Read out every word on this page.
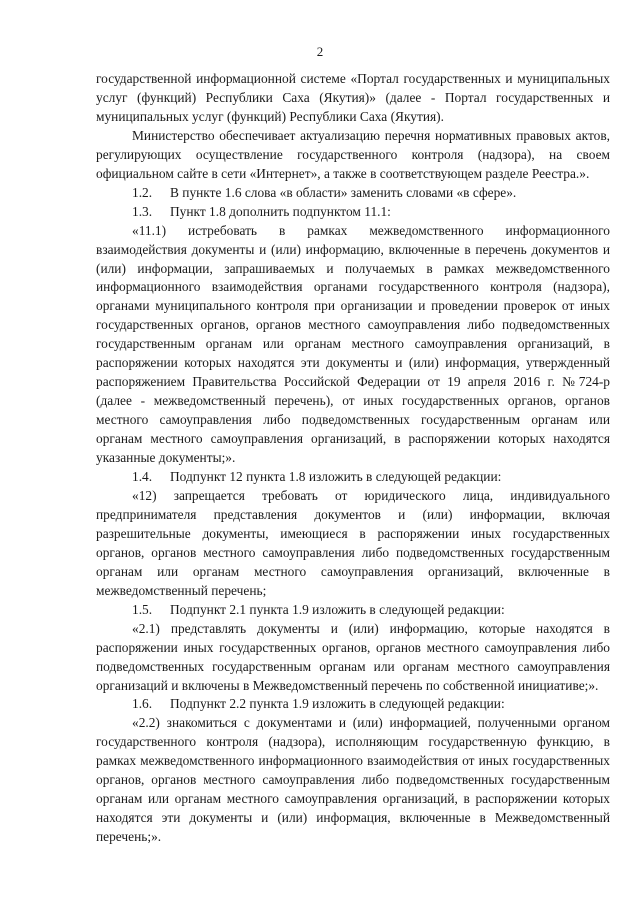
2

государственной информационной системе «Портал государственных и муниципальных услуг (функций) Республики Саха (Якутия)» (далее - Портал государственных и муниципальных услуг (функций) Республики Саха (Якутия).

Министерство обеспечивает актуализацию перечня нормативных правовых актов, регулирующих осуществление государственного контроля (надзора), на своем официальном сайте в сети «Интернет», а также в соответствующем разделе Реестра.».

1.2. В пункте 1.6 слова «в области» заменить словами «в сфере».

1.3. Пункт 1.8 дополнить подпунктом 11.1:

«11.1) истребовать в рамках межведомственного информационного взаимодействия документы и (или) информацию, включенные в перечень документов и (или) информации, запрашиваемых и получаемых в рамках межведомственного информационного взаимодействия органами государственного контроля (надзора), органами муниципального контроля при организации и проведении проверок от иных государственных органов, органов местного самоуправления либо подведомственных государственным органам или органам местного самоуправления организаций, в распоряжении которых находятся эти документы и (или) информация, утвержденный распоряжением Правительства Российской Федерации от 19 апреля 2016 г. №724-р (далее - межведомственный перечень), от иных государственных органов, органов местного самоуправления либо подведомственных государственным органам или органам местного самоуправления организаций, в распоряжении которых находятся указанные документы;».

1.4. Подпункт 12 пункта 1.8 изложить в следующей редакции:

«12) запрещается требовать от юридического лица, индивидуального предпринимателя представления документов и (или) информации, включая разрешительные документы, имеющиеся в распоряжении иных государственных органов, органов местного самоуправления либо подведомственных государственным органам или органам местного самоуправления организаций, включенные в межведомственный перечень;

1.5. Подпункт 2.1 пункта 1.9 изложить в следующей редакции:

«2.1) представлять документы и (или) информацию, которые находятся в распоряжении иных государственных органов, органов местного самоуправления либо подведомственных государственным органам или органам местного самоуправления организаций и включены в Межведомственный перечень по собственной инициативе;».

1.6. Подпункт 2.2 пункта 1.9 изложить в следующей редакции:

«2.2) знакомиться с документами и (или) информацией, полученными органом государственного контроля (надзора), исполняющим государственную функцию, в рамках межведомственного информационного взаимодействия от иных государственных органов, органов местного самоуправления либо подведомственных государственным органам или органам местного самоуправления организаций, в распоряжении которых находятся эти документы и (или) информация, включенные в Межведомственный перечень;».
